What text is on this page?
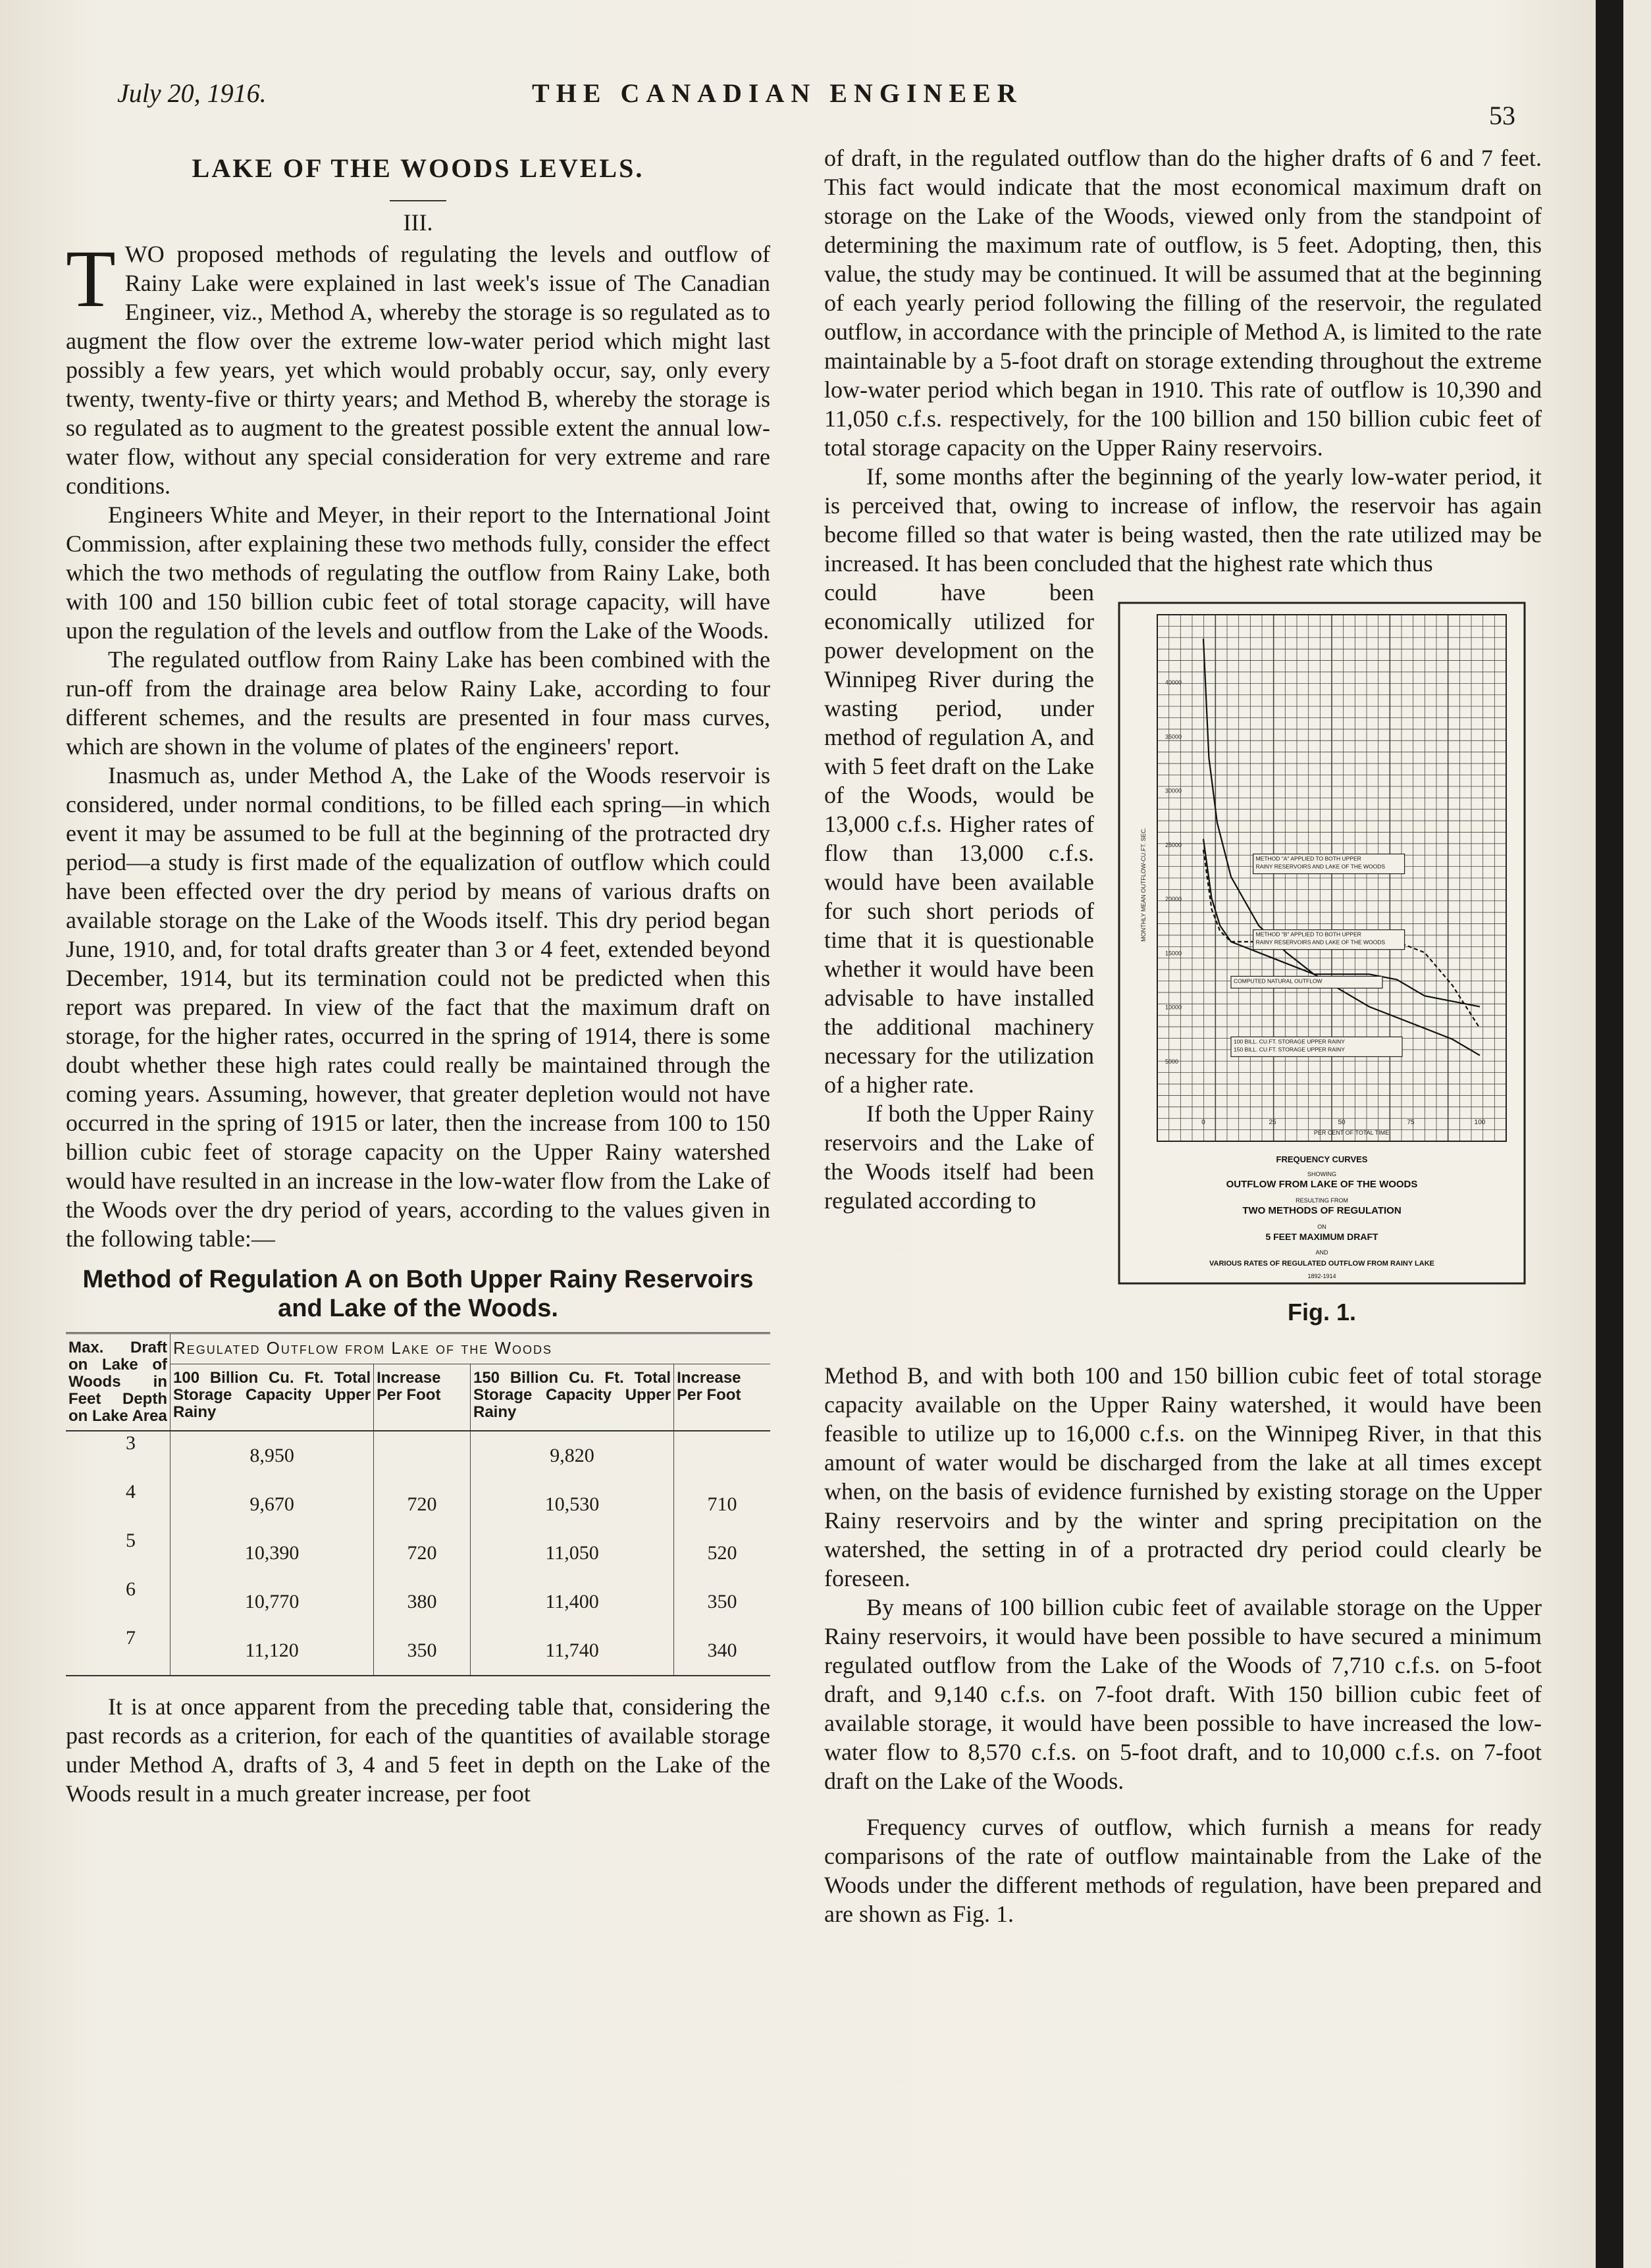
July 20, 1916.	THE CANADIAN ENGINEER
53
LAKE OF THE WOODS LEVELS.
III.

TWO proposed methods of regulating the levels and outflow of Rainy Lake were explained in last week's issue of The Canadian Engineer, viz., Method A, whereby the storage is so regulated as to augment the flow over the extreme low-water period which might last possibly a few years, yet which would probably occur, say, only every twenty, twenty-five or thirty years; and Method B, whereby the storage is so regulated as to augment to the greatest possible extent the annual low-water flow, without any special consideration for very extreme and rare conditions.

Engineers White and Meyer, in their report to the International Joint Commission, after explaining these two methods fully, consider the effect which the two methods of regulating the outflow from Rainy Lake, both with 100 and 150 billion cubic feet of total storage capacity, will have upon the regulation of the levels and outflow from the Lake of the Woods.

The regulated outflow from Rainy Lake has been combined with the run-off from the drainage area below Rainy Lake, according to four different schemes, and the results are presented in four mass curves, which are shown in the volume of plates of the engineers' report.

Inasmuch as, under Method A, the Lake of the Woods reservoir is considered, under normal conditions, to be filled each spring—in which event it may be assumed to be full at the beginning of the protracted dry period—a study is first made of the equalization of outflow which could have been effected over the dry period by means of various drafts on available storage on the Lake of the Woods itself. This dry period began June, 1910, and, for total drafts greater than 3 or 4 feet, extended beyond December, 1914, but its termination could not be predicted when this report was prepared. In view of the fact that the maximum draft on storage, for the higher rates, occurred in the spring of 1914, there is some doubt whether these high rates could really be maintained through the coming years. Assuming, however, that greater depletion would not have occurred in the spring of 1915 or later, then the increase from 100 to 150 billion cubic feet of storage capacity on the Upper Rainy watershed would have resulted in an increase in the low-water flow from the Lake of the Woods over the dry period of years, according to the values given in the following table:—

Method of Regulation A on Both Upper Rainy Reservoirs and Lake of the Woods.
Max. Draft on Lake of Woods in Feet Depth on Lake Area	Regulated Outflow from Lake of the Woods			
	100 Billion Cu. Ft. Total Storage Capacity Upper Rainy	Increase Per Foot	150 Billion Cu. Ft. Total Storage Capacity Upper Rainy	Increase Per Foot
3	8,950		9,820	
4	9,670	720	10,530	710
5	10,390	720	11,050	520
6	10,770	380	11,400	350
7	11,120	350	11,740	340

It is at once apparent from the preceding table that, considering the past records as a criterion, for each of the quantities of available storage under Method A, drafts of 3, 4 and 5 feet in depth on the Lake of the Woods result in a much greater increase, per foot

of draft, in the regulated outflow than do the higher drafts of 6 and 7 feet. This fact would indicate that the most economical maximum draft on storage on the Lake of the Woods, viewed only from the standpoint of determining the maximum rate of outflow, is 5 feet. Adopting, then, this value, the study may be continued. It will be assumed that at the beginning of each yearly period following the filling of the reservoir, the regulated outflow, in accordance with the principle of Method A, is limited to the rate maintainable by a 5-foot draft on storage extending throughout the extreme low-water period which began in 1910. This rate of outflow is 10,390 and 11,050 c.f.s. respectively, for the 100 billion and 150 billion cubic feet of total storage capacity on the Upper Rainy reservoirs.

If, some months after the beginning of the yearly low-water period, it is perceived that, owing to increase of inflow, the reservoir has again become filled so that water is being wasted, then the rate utilized may be increased. It has been concluded that the highest rate which thus

could have been economically utilized for power development on the Winnipeg River during the wasting period, under method of regulation A, and with 5 feet draft on the Lake of the Woods, would be 13,000 c.f.s. Higher rates of flow than 13,000 c.f.s. would have been available for such short periods of time that it is questionable whether it would have been advisable to have installed the additional machinery necessary for the utilization of a higher rate.

If both the Upper Rainy reservoirs and the Lake of the Woods itself had been regulated according to

40000
35000
30000
25000
20000
15000
10000
5000
MONTHLY MEAN OUTFLOW-CU.FT. SEC.
0	25	50	75	100
PER CENT OF TOTAL TIME
METHOD "A" APPLIED TO BOTH UPPER
RAINY RESERVOIRS AND LAKE OF THE WOODS
METHOD "B" APPLIED TO BOTH UPPER
RAINY RESERVOIRS AND LAKE OF THE WOODS
COMPUTED NATURAL OUTFLOW
100 BILL. CU.FT. STORAGE UPPER RAINY
150 BILL. CU.FT. STORAGE UPPER RAINY
FREQUENCY CURVES
SHOWING
OUTFLOW FROM LAKE OF THE WOODS
RESULTING FROM
TWO METHODS OF REGULATION
ON
5 FEET MAXIMUM DRAFT
AND
VARIOUS RATES OF REGULATED OUTFLOW FROM RAINY LAKE
1892-1914
Fig. 1.

Method B, and with both 100 and 150 billion cubic feet of total storage capacity available on the Upper Rainy watershed, it would have been feasible to utilize up to 16,000 c.f.s. on the Winnipeg River, in that this amount of water would be discharged from the lake at all times except when, on the basis of evidence furnished by existing storage on the Upper Rainy reservoirs and by the winter and spring precipitation on the watershed, the setting in of a protracted dry period could clearly be foreseen.

By means of 100 billion cubic feet of available storage on the Upper Rainy reservoirs, it would have been possible to have secured a minimum regulated outflow from the Lake of the Woods of 7,710 c.f.s. on 5-foot draft, and 9,140 c.f.s. on 7-foot draft. With 150 billion cubic feet of available storage, it would have been possible to have increased the low-water flow to 8,570 c.f.s. on 5-foot draft, and to 10,000 c.f.s. on 7-foot draft on the Lake of the Woods.

Frequency curves of outflow, which furnish a means for ready comparisons of the rate of outflow maintainable from the Lake of the Woods under the different methods of regulation, have been prepared and are shown as Fig. 1.
